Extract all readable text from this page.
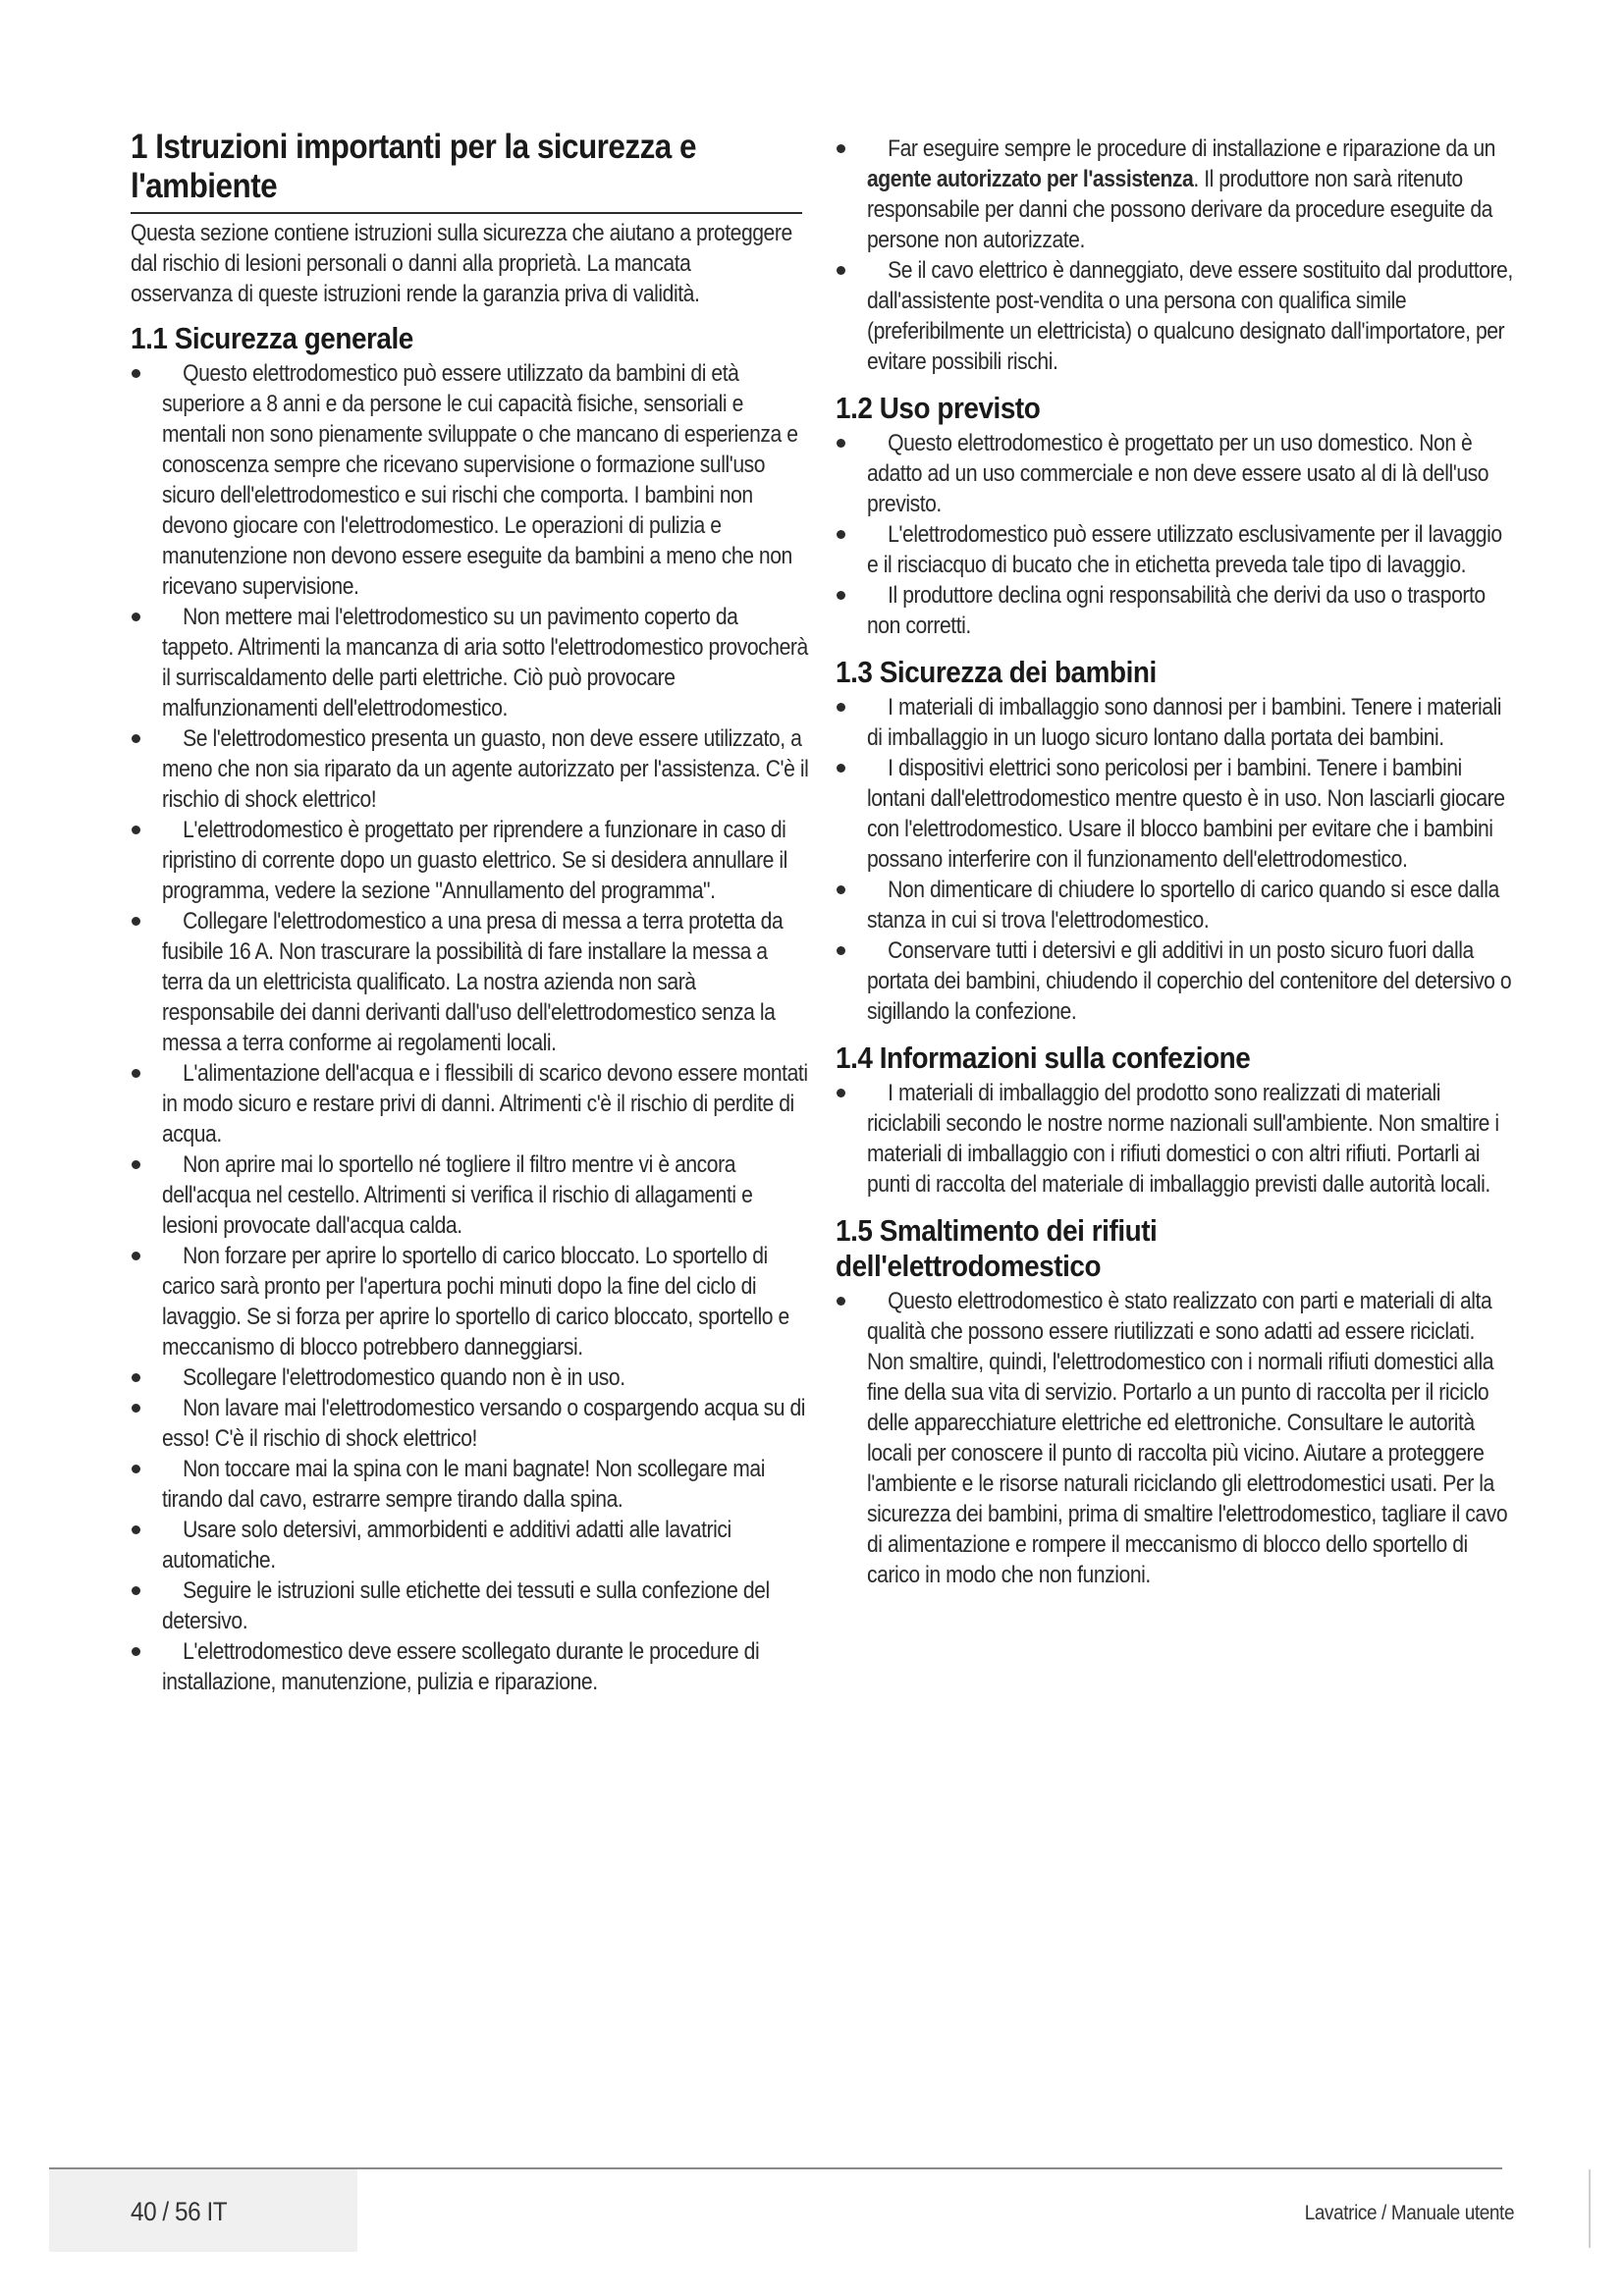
1 Istruzioni importanti per la sicurezza e l'ambiente

Questa sezione contiene istruzioni sulla sicurezza che aiutano a proteggere dal rischio di lesioni personali o danni alla proprietà. La mancata osservanza di queste istruzioni rende la garanzia priva di validità.

1.1 Sicurezza generale
Questo elettrodomestico può essere utilizzato da bambini di età superiore a 8 anni e da persone le cui capacità fisiche, sensoriali e mentali non sono pienamente sviluppate o che mancano di esperienza e conoscenza sempre che ricevano supervisione o formazione sull'uso sicuro dell'elettrodomestico e sui rischi che comporta. I bambini non devono giocare con l'elettrodomestico. Le operazioni di pulizia e manutenzione non devono essere eseguite da bambini a meno che non ricevano supervisione.
Non mettere mai l'elettrodomestico su un pavimento coperto da tappeto. Altrimenti la mancanza di aria sotto l'elettrodomestico provocherà il surriscaldamento delle parti elettriche. Ciò può provocare malfunzionamenti dell'elettrodomestico.
Se l'elettrodomestico presenta un guasto, non deve essere utilizzato, a meno che non sia riparato da un agente autorizzato per l'assistenza. C'è il rischio di shock elettrico!
L'elettrodomestico è progettato per riprendere a funzionare in caso di ripristino di corrente dopo un guasto elettrico. Se si desidera annullare il programma, vedere la sezione "Annullamento del programma".
Collegare l'elettrodomestico a una presa di messa a terra protetta da fusibile 16 A. Non trascurare la possibilità di fare installare la messa a terra da un elettricista qualificato. La nostra azienda non sarà responsabile dei danni derivanti dall'uso dell'elettrodomestico senza la messa a terra conforme ai regolamenti locali.
L'alimentazione dell'acqua e i flessibili di scarico devono essere montati in modo sicuro e restare privi di danni. Altrimenti c'è il rischio di perdite di acqua.
Non aprire mai lo sportello né togliere il filtro mentre vi è ancora dell'acqua nel cestello. Altrimenti si verifica il rischio di allagamenti e lesioni provocate dall'acqua calda.
Non forzare per aprire lo sportello di carico bloccato. Lo sportello di carico sarà pronto per l'apertura pochi minuti dopo la fine del ciclo di lavaggio. Se si forza per aprire lo sportello di carico bloccato, sportello e meccanismo di blocco potrebbero danneggiarsi.
Scollegare l'elettrodomestico quando non è in uso.
Non lavare mai l'elettrodomestico versando o cospargendo acqua su di esso! C'è il rischio di shock elettrico!
Non toccare mai la spina con le mani bagnate! Non scollegare mai tirando dal cavo, estrarre sempre tirando dalla spina.
Usare solo detersivi, ammorbidenti e additivi adatti alle lavatrici automatiche.
Seguire le istruzioni sulle etichette dei tessuti e sulla confezione del detersivo.
L'elettrodomestico deve essere scollegato durante le procedure di installazione, manutenzione, pulizia e riparazione.
Far eseguire sempre le procedure di installazione e riparazione da un agente autorizzato per l'assistenza. Il produttore non sarà ritenuto responsabile per danni che possono derivare da procedure eseguite da persone non autorizzate.
Se il cavo elettrico è danneggiato, deve essere sostituito dal produttore, dall'assistente post-vendita o una persona con qualifica simile (preferibilmente un elettricista) o qualcuno designato dall'importatore, per evitare possibili rischi.
1.2 Uso previsto
Questo elettrodomestico è progettato per un uso domestico. Non è adatto ad un uso commerciale e non deve essere usato al di là dell'uso previsto.
L'elettrodomestico può essere utilizzato esclusivamente per il lavaggio e il risciacquo di bucato che in etichetta preveda tale tipo di lavaggio.
Il produttore declina ogni responsabilità che derivi da uso o trasporto non corretti.
1.3 Sicurezza dei bambini
I materiali di imballaggio sono dannosi per i bambini. Tenere i materiali di imballaggio in un luogo sicuro lontano dalla portata dei bambini.
I dispositivi elettrici sono pericolosi per i bambini. Tenere i bambini lontani dall'elettrodomestico mentre questo è in uso. Non lasciarli giocare con l'elettrodomestico. Usare il blocco bambini per evitare che i bambini possano interferire con il funzionamento dell'elettrodomestico.
Non dimenticare di chiudere lo sportello di carico quando si esce dalla stanza in cui si trova l'elettrodomestico.
Conservare tutti i detersivi e gli additivi in un posto sicuro fuori dalla portata dei bambini, chiudendo il coperchio del contenitore del detersivo o sigillando la confezione.
1.4 Informazioni sulla confezione
I materiali di imballaggio del prodotto sono realizzati di materiali riciclabili secondo le nostre norme nazionali sull'ambiente. Non smaltire i materiali di imballaggio con i rifiuti domestici o con altri rifiuti. Portarli ai punti di raccolta del materiale di imballaggio previsti dalle autorità locali.
1.5 Smaltimento dei rifiuti dell'elettrodomestico
Questo elettrodomestico è stato realizzato con parti e materiali di alta qualità che possono essere riutilizzati e sono adatti ad essere riciclati. Non smaltire, quindi, l'elettrodomestico con i normali rifiuti domestici alla fine della sua vita di servizio. Portarlo a un punto di raccolta per il riciclo delle apparecchiature elettriche ed elettroniche. Consultare le autorità locali per conoscere il punto di raccolta più vicino. Aiutare a proteggere l'ambiente e le risorse naturali riciclando gli elettrodomestici usati. Per la sicurezza dei bambini, prima di smaltire l'elettrodomestico, tagliare il cavo di alimentazione e rompere il meccanismo di blocco dello sportello di carico in modo che non funzioni.
40 / 56 IT	Lavatrice / Manuale utente
